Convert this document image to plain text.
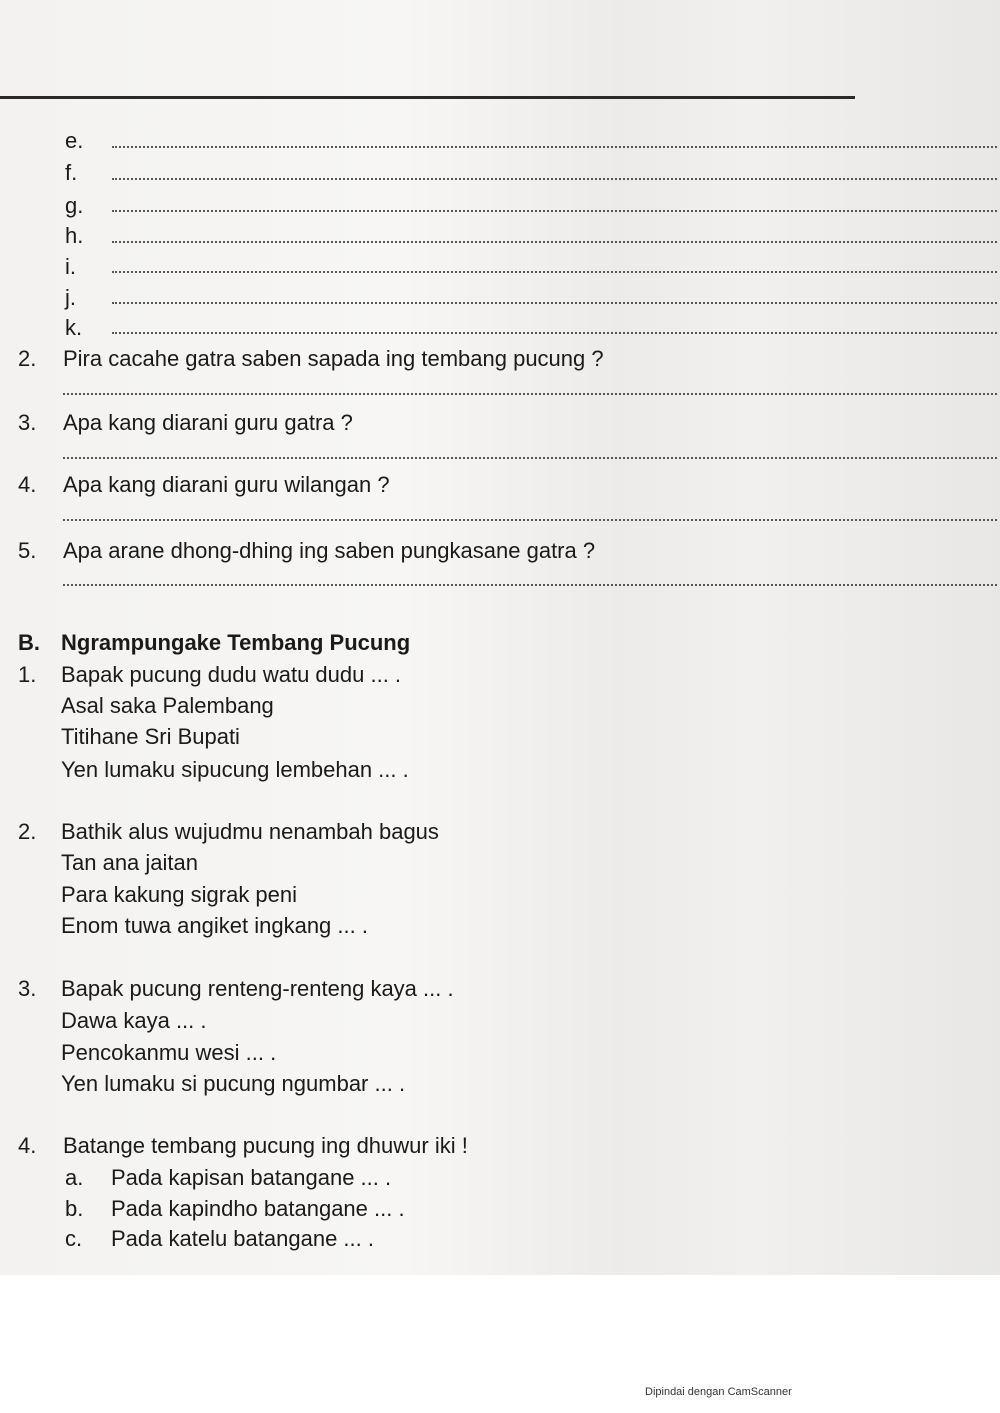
e.
f.
g.
h.
i.
j.
k.
2. Pira cacahe gatra saben sapada ing tembang pucung ?
3. Apa kang diarani guru gatra ?
4. Apa kang diarani guru wilangan ?
5. Apa arane dhong-dhing ing saben pungkasane gatra ?
B. Ngrampungake Tembang Pucung
1. Bapak pucung dudu watu dudu ... .
Asal saka Palembang
Titihane Sri Bupati
Yen lumaku sipucung lembehan ... .
2. Bathik alus wujudmu nenambah bagus
Tan ana jaitan
Para kakung sigrak peni
Enom tuwa angiket ingkang ... .
3. Bapak pucung renteng-renteng kaya ... .
Dawa kaya ... .
Pencokanmu wesi ... .
Yen lumaku si pucung ngumbar ... .
4. Batange tembang pucung ing dhuwur iki !
a. Pada kapisan batangane ... .
b. Pada kapindho batangane ... .
c. Pada katelu batangane ... .
Dipindai dengan CamScanner
